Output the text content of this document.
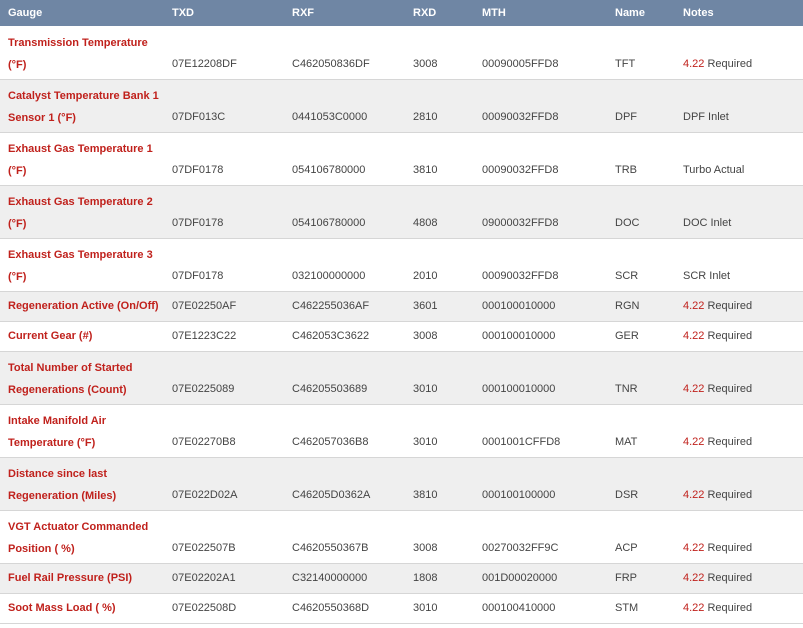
Gauge	TXD	RXF	RXD	MTH	Name	Notes

Transmission Temperature
(°F)	07E12208DF	C462050836DF	3008	00090005FFD8	TFT	4.22 Required

Catalyst Temperature Bank 1
Sensor 1 (°F)	07DF013C	0441053C0000	2810	00090032FFD8	DPF	DPF Inlet

Exhaust Gas Temperature 1
(°F)	07DF0178	054106780000	3810	00090032FFD8	TRB	Turbo Actual

Exhaust Gas Temperature 2
(°F)	07DF0178	054106780000	4808	09000032FFD8	DOC	DOC Inlet

Exhaust Gas Temperature 3
(°F)	07DF0178	032100000000	2010	00090032FFD8	SCR	SCR Inlet

Regeneration Active (On/Off)	07E02250AF	C462255036AF	3601	000100010000	RGN	4.22 Required

Current Gear (#)	07E1223C22	C462053C3622	3008	000100010000	GER	4.22 Required

Total Number of Started
Regenerations (Count)	07E0225089	C46205503689	3010	000100010000	TNR	4.22 Required

Intake Manifold Air
Temperature (°F)	07E02270B8	C462057036B8	3010	0001001CFFD8	MAT	4.22 Required

Distance since last
Regeneration (Miles)	07E022D02A	C46205D0362A	3810	000100100000	DSR	4.22 Required

VGT Actuator Commanded
Position ( %)	07E022507B	C4620550367B	3008	00270032FF9C	ACP	4.22 Required

Fuel Rail Pressure (PSI)	07E02202A1	C32140000000	1808	001D00020000	FRP	4.22 Required

Soot Mass Load ( %)	07E022508D	C4620550368D	3010	000100410000	STM	4.22 Required
